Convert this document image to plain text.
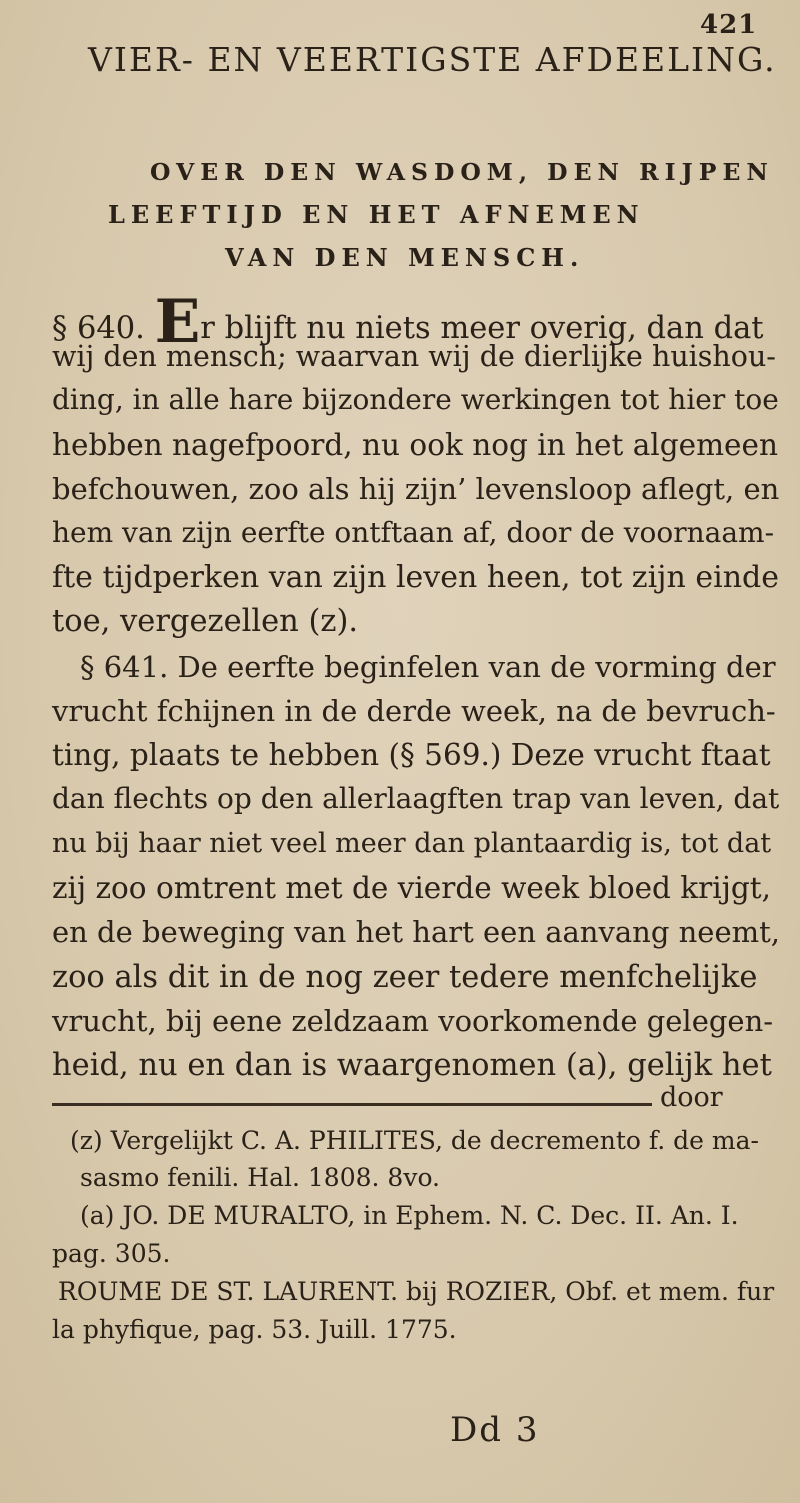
421
VIER- EN VEERTIGSTE AFDEELING.
OVER DEN WASDOM, DEN RIJPEN
LEEFTIJD EN HET AFNEMEN
VAN DEN MENSCH.
§ 640. Er blijft nu niets meer overig, dan dat
wij den mensch; waarvan wij de dierlijke huishou-
ding, in alle hare bijzondere werkingen tot hier toe
hebben nagefpoord, nu ook nog in het algemeen
befchouwen, zoo als hij zijn’ levensloop aflegt, en
hem van zijn eerfte ontftaan af, door de voornaam-
fte tijdperken van zijn leven heen, tot zijn einde
toe, vergezellen (z).
§ 641. De eerfte beginfelen van de vorming der
vrucht fchijnen in de derde week, na de bevruch-
ting, plaats te hebben (§ 569.) Deze vrucht ftaat
dan flechts op den allerlaagften trap van leven, dat
nu bij haar niet veel meer dan plantaardig is, tot dat
zij zoo omtrent met de vierde week bloed krijgt,
en de beweging van het hart een aanvang neemt,
zoo als dit in de nog zeer tedere menfchelijke
vrucht, bij eene zeldzaam voorkomende gelegen-
heid, nu en dan is waargenomen (a), gelijk het
door
(z) Vergelijkt C. A. PHILITES, de decremento f. de ma-
sasmo fenili. Hal. 1808. 8vo.
(a) JO. DE MURALTO, in Ephem. N. C. Dec. II. An. I.
pag. 305.
ROUME DE ST. LAURENT. bij ROZIER, Obf. et mem. fur
la phyfique, pag. 53. Juill. 1775.
Dd 3
